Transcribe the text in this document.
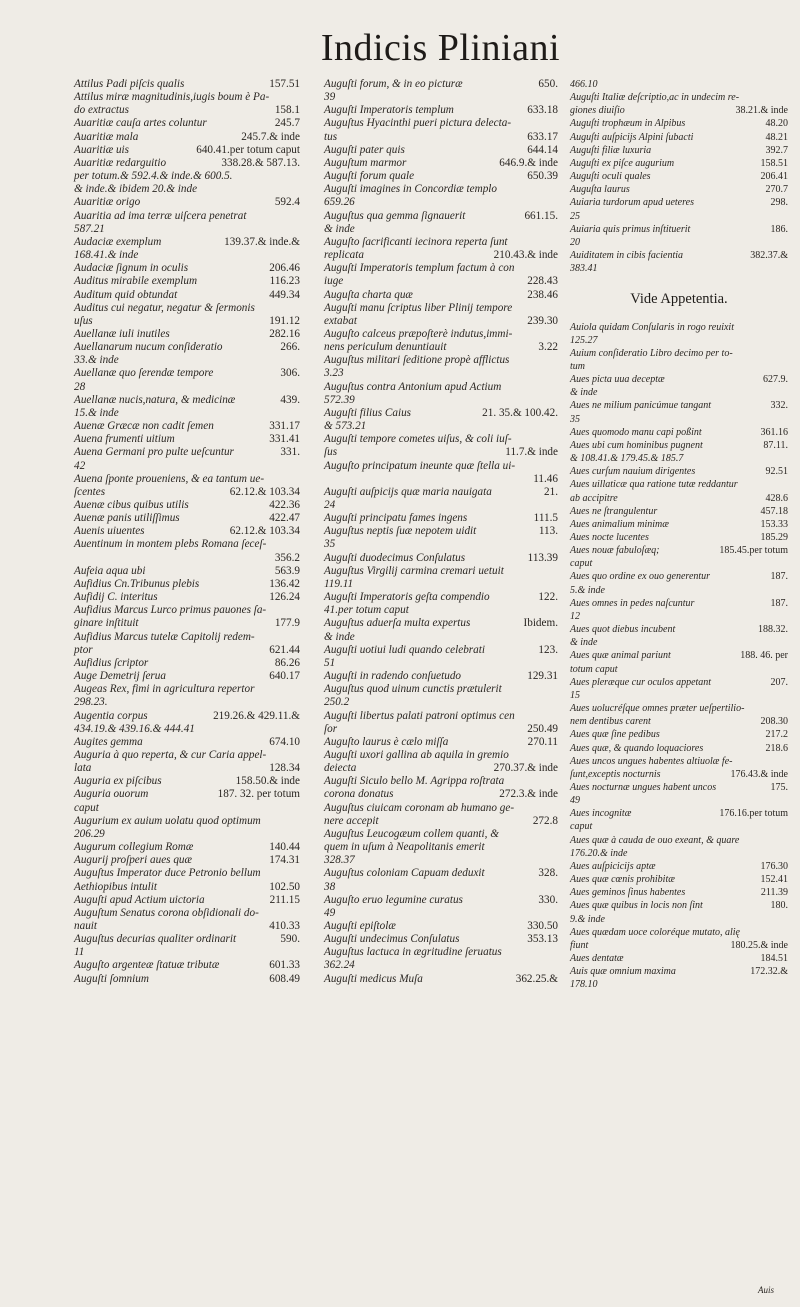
Indicis Pliniani
Attilus Padi piſcis qualis	157.51
Attilus miræ magnitudinis,iugis boum è Pa-
do extractus	158.1
Auaritiæ cauſa artes coluntur	245.7
Auaritiæ mala	245.7.& inde
Auaritiæ uis	640.41.per totum caput
Auaritiæ redarguitio	338.28.& 587.13.
per totum.& 592.4.& inde.& 600.5.
& inde.& ibidem 20.& inde
Auaritiæ origo	592.4
Auaritia ad ima terræ uiſcera penetrat
587.21
Audaciæ exemplum	139.37.& inde.&
168.41.& inde
Audaciæ ſignum in oculis	206.46
Auditus mirabile exemplum	116.23
Auditum quid obtundat	449.34
Auditus cui negatur, negatur & ſermonis
uſus	191.12
Auellanæ iuli inutiles	282.16
Auellanarum nucum conſideratio	266.
33.& inde
Auellanæ quo ſerendæ tempore	306.
28
Auellanæ nucis,natura, & medicinæ	439.
15.& inde
Auenæ Græcæ non cadit ſemen	331.17
Auena frumenti uitium	331.41
Auena Germani pro pulte ueſcuntur	331.
42
Auena ſponte proueniens, & ea tantum ue-
ſcentes	62.12.& 103.34
Auenæ cibus quibus utilis	422.36
Auenæ panis utiliſſimus	422.47
Auenis uiuentes	62.12.& 103.34
Auentinum in montem plebs Romana ſeceſ-
356.2
Aufeia aqua ubi	563.9
Aufidius Cn.Tribunus plebis	136.42
Aufidij C. interitus	126.24
Aufidius Marcus Lurco primus pauones ſa-
ginare inſtituit	177.9
Aufidius Marcus tutelæ Capitolij redem-
ptor	621.44
Aufidius ſcriptor	86.26
Auge Demetrij ſerua	640.17
Augeas Rex, fimi in agricultura repertor
298.23.
Augentia corpus	219.26.& 429.11.&
434.19.& 439.16.& 444.41
Augites gemma	674.10
Auguria à quo reperta, & cur Caria appel-
lata	128.34
Auguria ex piſcibus	158.50.& inde
Auguria ouorum	187. 32. per totum
caput
Augurium ex auium uolatu quod optimum
206.29
Augurum collegium Romæ	140.44
Augurij proſperi aues quæ	174.31
Auguſtus Imperator duce Petronio bellum
Aethiopibus intulit	102.50
Auguſti apud Actium uictoria	211.15
Auguſtum Senatus corona obſidionali do-
nauit	410.33
Auguſtus decurias qualiter ordinarit	590.
11
Auguſto argenteæ ſtatuæ tributæ	601.33
Auguſti ſomnium	608.49
Auguſti forum, & in eo picturæ	650.
39
Auguſti Imperatoris templum	633.18
Auguſtus Hyacinthi pueri pictura delecta-
tus	633.17
Auguſti pater quis	644.14
Auguſtum marmor	646.9.& inde
Auguſti forum quale	650.39
Auguſti imagines in Concordiæ templo
659.26
Auguſtus qua gemma ſignauerit	661.15.
& inde
Auguſto ſacrificanti iecinora reperta ſunt
replicata	210.43.& inde
Auguſti Imperatoris templum factum à con
iuge	228.43
Auguſta charta quæ	238.46
Auguſti manu ſcriptus liber Plinij tempore
extabat	239.30
Auguſto calceus præpoſterè indutus,immi-
nens periculum denuntiauit	3.22
Auguſtus militari ſeditione propè afflictus
3.23
Auguſtus contra Antonium apud Actium
572.39
Auguſti filius Caius	21. 35.& 100.42.
& 573.21
Auguſti tempore cometes uiſus, & coli iuſ-
ſus	11.7.& inde
Auguſto principatum ineunte quæ ſtella ui-
11.46
Auguſti auſpicijs quæ maria nauigata	21.
24
Auguſti principatu fames ingens	111.5
Auguſtus neptis ſuæ nepotem uidit	113.
35
Auguſti duodecimus Conſulatus	113.39
Auguſtus Virgilij carmina cremari uetuit
119.11
Auguſti Imperatoris geſta compendio	122.
41.per totum caput
Auguſtus aduerſa multa expertus	Ibidem.
& inde
Auguſti uotiui ludi quando celebrati	123.
51
Auguſti in radendo conſuetudo	129.31
Auguſtus quod uinum cunctis prætulerit
250.2
Auguſti libertus palati patroni optimus cen
ſor	250.49
Auguſto laurus è cælo miſſa	270.11
Auguſti uxori gallina ab aquila in gremio
deiecta	270.37.& inde
Auguſti Siculo bello M. Agrippa roſtrata
corona donatus	272.3.& inde
Auguſtus ciuicam coronam ab humano ge-
nere accepit	272.8
Auguſtus Leucogæum collem quanti, &
quem in uſum à Neapolitanis emerit
328.37
Auguſtus coloniam Capuam deduxit	328.
38
Auguſto eruo legumine curatus	330.
49
Auguſti epiſtolæ	330.50
Auguſti undecimus Conſulatus	353.13
Auguſtus lactuca in ægritudine ſeruatus
362.24
Auguſti medicus Muſa	362.25.&
466.10
Auguſti Italiæ deſcriptio,ac in undecim re-
giones diuiſio	38.21.& inde
Auguſti trophæum in Alpibus	48.20
Auguſti auſpicijs Alpini ſubacti	48.21
Auguſti filiæ luxuria	392.7
Auguſti ex piſce augurium	158.51
Auguſti oculi quales	206.41
Auguſta laurus	270.7
Auiaria turdorum apud ueteres	298.
25
Auiaria quis primus inſtituerit	186.
20
Auiditatem in cibis facientia	382.37.&
383.41
Vide Appetentia.
Auiola quidam Conſularis in rogo reuixit
125.27
Auium conſideratio Libro decimo per to-
tum
Aues picta uua deceptæ	627.9.
& inde
Aues ne milium panicúmue tangant	332.
35
Aues quomodo manu capi poßint	361.16
Aues ubi cum hominibus pugnent	87.11.
& 108.41.& 179.45.& 185.7
Aues curſum nauium dirigentes	92.51
Aues uillaticæ qua ratione tutæ reddantur
ab accipitre	428.6
Aues ne ſtrangulentur	457.18
Aues animalium minimæ	153.33
Aues nocte lucentes	185.29
Aues nouæ fabuloſæq;	185.45.per totum
caput
Aues quo ordine ex ouo generentur	187.
5.& inde
Aues omnes in pedes naſcuntur	187.
12
Aues quot diebus incubent	188.32.
& inde
Aues quæ animal pariunt	188. 46. per
totum caput
Aues pleræque cur oculos appetant	207.
15
Aues uolucréſque omnes præter ueſpertilio-
nem dentibus carent	208.30
Aues quæ ſine pedibus	217.2
Aues quæ, & quando loquaciores	218.6
Aues uncos ungues habentes altiuolæ fe-
ſunt,exceptis nocturnis	176.43.& inde
Aues nocturnæ ungues habent uncos	175.
49
Aues incognitæ	176.16.per totum
caput
Aues quæ à cauda de ouo exeant, & quare
176.20.& inde
Aues auſpicicijs aptæ	176.30
Aues quæ cœnis prohibitæ	152.41
Aues geminos ſinus habentes	211.39
Aues quæ quibus in locis non ſint	180.
9.& inde
Aues quædam uoce coloréque mutato, alię
fiunt	180.25.& inde
Aues dentatæ	184.51
Auis quæ omnium maxima	172.32.&
178.10
Auis
